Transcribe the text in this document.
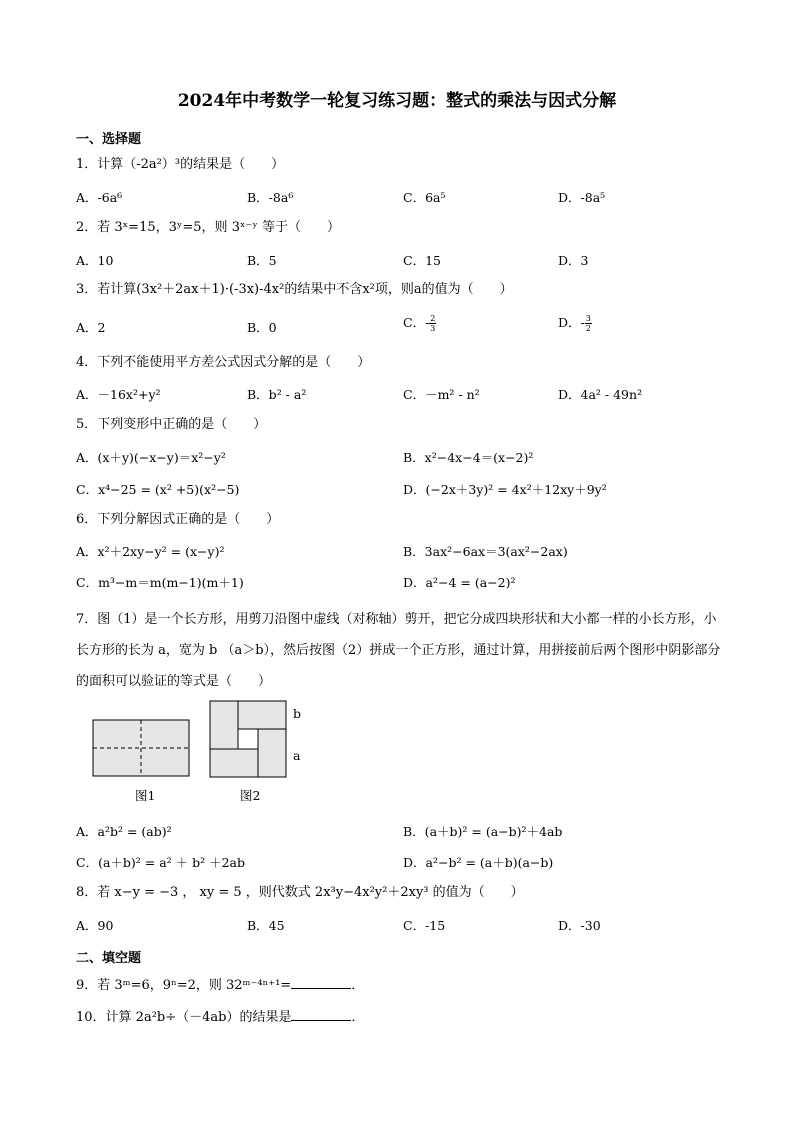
2024年中考数学一轮复习练习题：整式的乘法与因式分解
一、选择题
1．计算（-2a²）³的结果是（　　）
A．-6a⁶	B．-8a⁶	C．6a⁵	D．-8a⁵
2．若 3ˣ=15，3ʸ=5，则 3ˣ⁻ʸ 等于（　　）
A．10	B．5	C．15	D．3
3．若计算(3x²＋2ax＋1)·(-3x)-4x²的结果中不含x²项，则a的值为（　　）
A．2	B．0	C．- $\frac{2}{3}$	D．- $\frac{3}{2}$
4．下列不能使用平方差公式因式分解的是（　　）
A．－16x²+y²	B．b² - a²	C．－m² - n²	D．4a² - 49n²
5．下列变形中正确的是（　　）
A．(x＋y)(−x−y)＝x²−y²	B．x²−4x−4＝(x−2)²
C．x⁴−25 = (x² +5)(x²−5)	D．(−2x＋3y)² = 4x²＋12xy＋9y²
6．下列分解因式正确的是（　　）
A．x²＋2xy−y² = (x−y)²	B．3ax²−6ax＝3(ax²−2ax)
C．m³−m＝m(m−1)(m＋1)	D．a²−4 = (a−2)²
7．图（1）是一个长方形，用剪刀沿图中虚线（对称轴）剪开，把它分成四块形状和大小都一样的小长方形，小长方形的长为 a，宽为 b （a＞b），然后按图（2）拼成一个正方形，通过计算，用拼接前后两个图形中阴影部分的面积可以验证的等式是（　　）
b
a
图1	图2
A．a²b² = (ab)²	B．(a＋b)² = (a−b)²＋4ab
C．(a＋b)² = a² ＋ b² ＋2ab	D．a²−b² = (a＋b)(a−b)
8．若 x−y = −3 ， xy = 5 ，则代数式 2x³y−4x²y²＋2xy³ 的值为（　　）
A．90	B．45	C．-15	D．-30
二、填空题
9．若 3ᵐ=6，9ⁿ=2，则 32ᵐ⁻⁴ⁿ⁺¹=	．
10．计算 2a²b÷（－4ab）的结果是	．
